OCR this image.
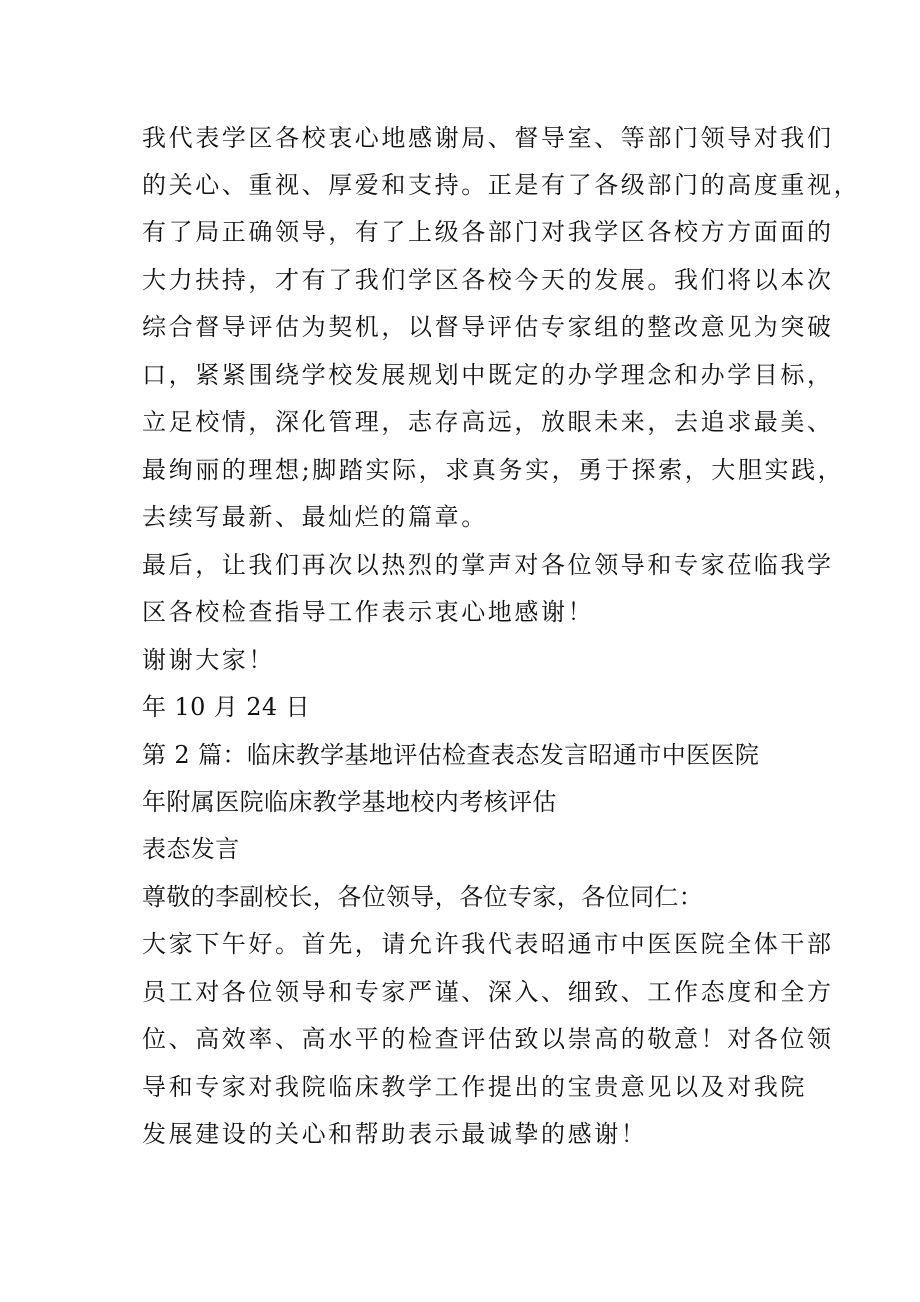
我代表学区各校衷心地感谢局、督导室、等部门领导对我们
的关心、重视、厚爱和支持。正是有了各级部门的高度重视，
有了局正确领导，有了上级各部门对我学区各校方方面面的
大力扶持，才有了我们学区各校今天的发展。我们将以本次
综合督导评估为契机，以督导评估专家组的整改意见为突破
口，紧紧围绕学校发展规划中既定的办学理念和办学目标，
立足校情，深化管理，志存高远，放眼未来，去追求最美、
最绚丽的理想;脚踏实际，求真务实，勇于探索，大胆实践，
去续写最新、最灿烂的篇章。
最后，让我们再次以热烈的掌声对各位领导和专家莅临我学
区各校检查指导工作表示衷心地感谢！
谢谢大家！
年 10 月 24 日
第 2 篇：临床教学基地评估检查表态发言昭通市中医医院
年附属医院临床教学基地校内考核评估
表态发言
尊敬的李副校长，各位领导，各位专家，各位同仁：
大家下午好。首先，请允许我代表昭通市中医医院全体干部
员工对各位领导和专家严谨、深入、细致、工作态度和全方
位、高效率、高水平的检查评估致以崇高的敬意！对各位领
导和专家对我院临床教学工作提出的宝贵意见以及对我院
发展建设的关心和帮助表示最诚挚的感谢！
